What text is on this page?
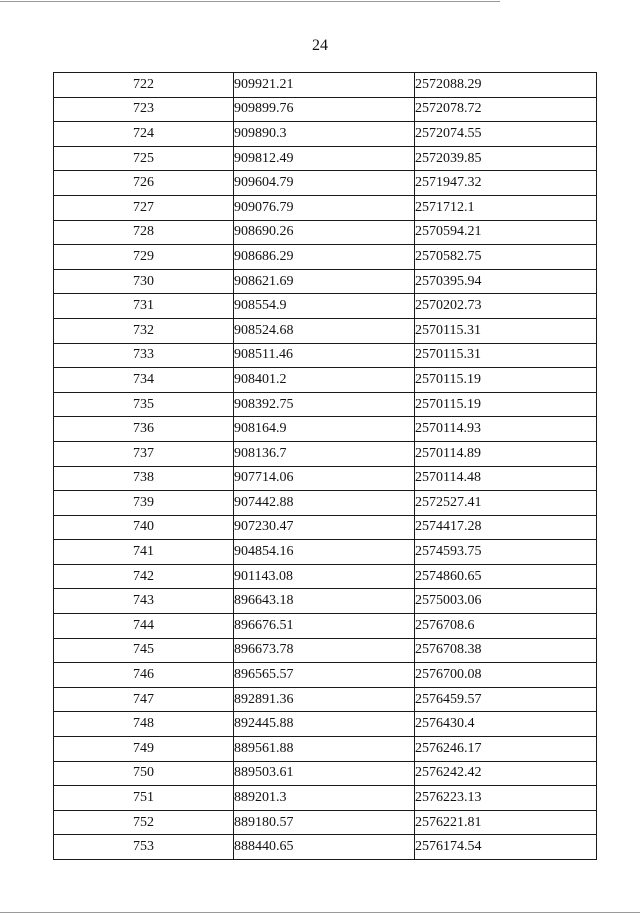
24
722	909921.21	2572088.29
723	909899.76	2572078.72
724	909890.3	2572074.55
725	909812.49	2572039.85
726	909604.79	2571947.32
727	909076.79	2571712.1
728	908690.26	2570594.21
729	908686.29	2570582.75
730	908621.69	2570395.94
731	908554.9	2570202.73
732	908524.68	2570115.31
733	908511.46	2570115.31
734	908401.2	2570115.19
735	908392.75	2570115.19
736	908164.9	2570114.93
737	908136.7	2570114.89
738	907714.06	2570114.48
739	907442.88	2572527.41
740	907230.47	2574417.28
741	904854.16	2574593.75
742	901143.08	2574860.65
743	896643.18	2575003.06
744	896676.51	2576708.6
745	896673.78	2576708.38
746	896565.57	2576700.08
747	892891.36	2576459.57
748	892445.88	2576430.4
749	889561.88	2576246.17
750	889503.61	2576242.42
751	889201.3	2576223.13
752	889180.57	2576221.81
753	888440.65	2576174.54
